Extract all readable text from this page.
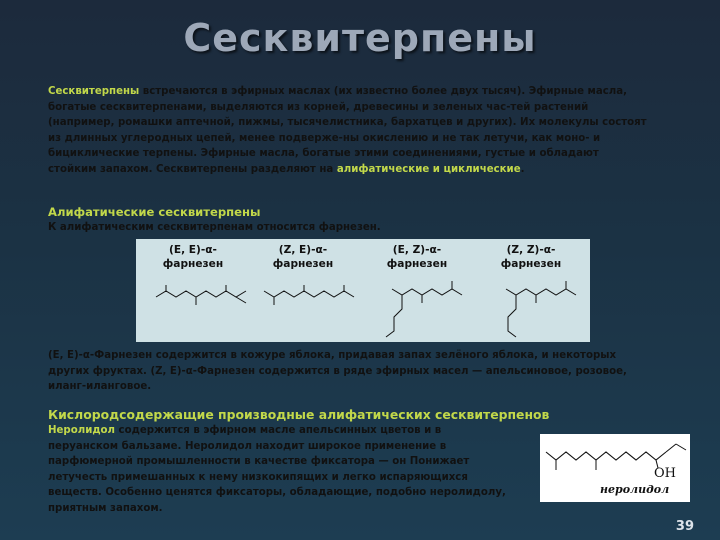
Сесквитерпены
Сесквитерпены встречаются в эфирных маслах (их известно более двух тысяч). Эфирные масла, богатые сесквитерпенами, выделяются из корней, древесины и зеленых час-тей растений (например, ромашки аптечной, пижмы, тысячелистника, бархатцев и других). Их молекулы состоят из длинных углеродных цепей, менее подверже-ны окислению и не так летучи, как моно- и бициклические терпены. Эфирные масла, богатые этими соединениями, густые и обладают стойким запахом. Сесквитерпены разделяют на алифатические и циклические.
Алифатические сесквитерпены
К алифатическим сесквитерпенам относится фарнезен.
(E, E)-α-
фарнезен
(Z, E)-α-
фарнезен
(E, Z)-α-
фарнезен
(Z, Z)-α-
фарнезен
(E, E)-α-Фарнезен содержится в кожуре яблока, придавая запах зелёного яблока, и некоторых других фруктах. (Z, E)-α-Фарнезен содержится в ряде эфирных масел — апельсиновое, розовое, иланг-иланговое.
Кислородсодержащие производные алифатических сесквитерпенов
Неролидол содержится в эфирном масле апельсинных цветов и в перуанском бальзаме. Неролидол находит широкое применение в парфюмерной промышленности в качестве фиксатора — он Понижает летучесть примешанных к нему низкокипящих и легко испаряющихся веществ. Особенно ценятся фиксаторы, обладающие, подобно неролидолу, приятным запахом.
OH
неролидол
39
